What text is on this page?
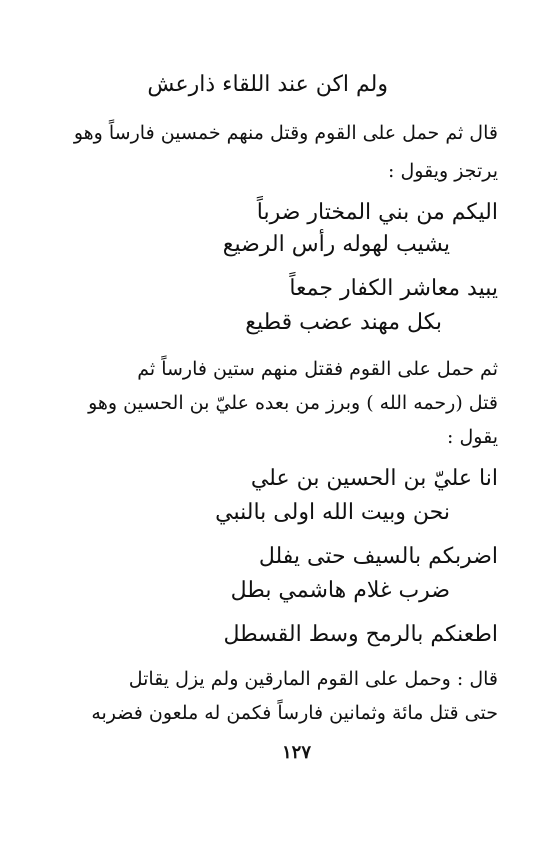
ولم اكن عند اللقاء ذارعش
قال ثم حمل على القوم وقتل منهم خمسين فارساً وهو
يرتجز ويقول :
اليكم من بني المختار ضرباً
يشيب لهوله رأس الرضيع
يبيد معاشر الكفار جمعاً
بكل مهند عضب قطيع
ثم حمل على القوم فقتل منهم ستين فارساً ثم
قتل (رحمه الله ) وبرز من بعده عليّ بن الحسين وهو
يقول :
انا عليّ بن الحسين بن علي
نحن وبيت الله اولى بالنبي
اضربكم بالسيف حتى يفلل
ضرب غلام هاشمي بطل
اطعنكم بالرمح وسط القسطل
قال : وحمل على القوم المارقين ولم يزل يقاتل
حتى قتل مائة وثمانين فارساً فكمن له ملعون فضربه
١٢٧
